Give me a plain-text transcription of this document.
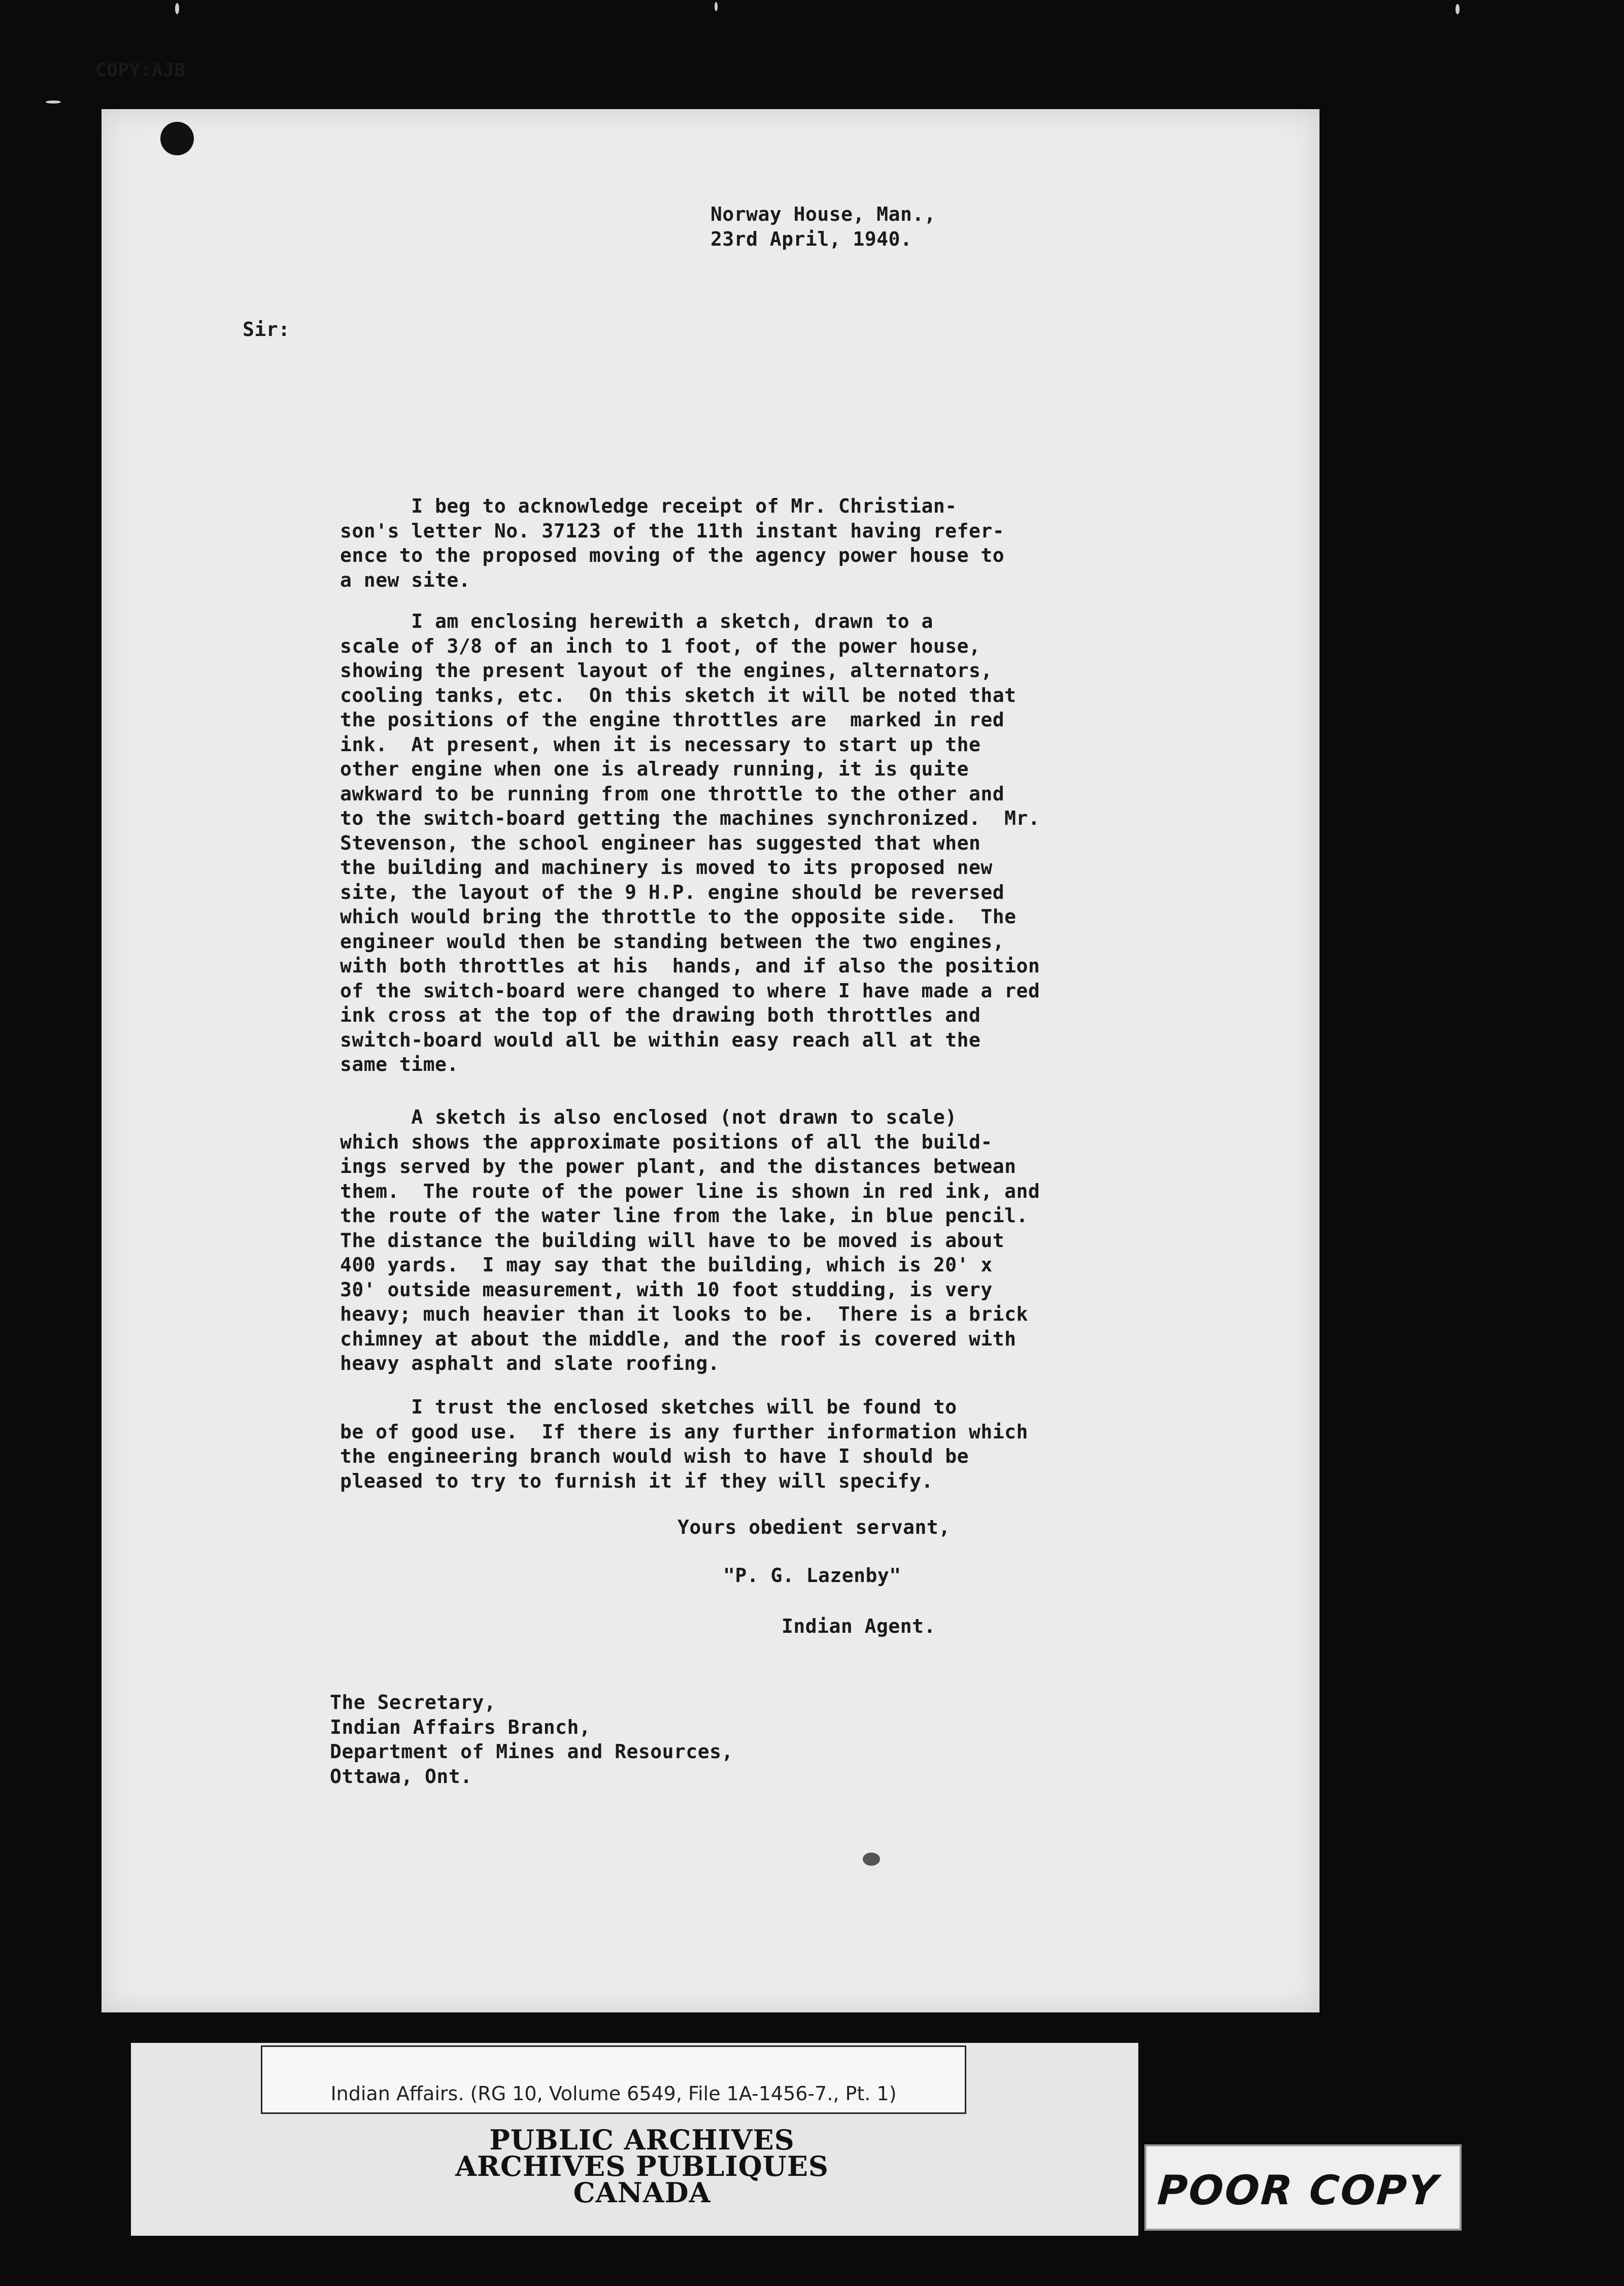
COPY:AJB
Norway House, Man.,
23rd April, 1940.
Sir:
I beg to acknowledge receipt of Mr. Christian-
son's letter No. 37123 of the 11th instant having refer-
ence to the proposed moving of the agency power house to
a new site.
I am enclosing herewith a sketch, drawn to a
scale of 3/8 of an inch to 1 foot, of the power house,
showing the present layout of the engines, alternators,
cooling tanks, etc.  On this sketch it will be noted that
the positions of the engine throttles are  marked in red
ink.  At present, when it is necessary to start up the
other engine when one is already running, it is quite
awkward to be running from one throttle to the other and
to the switch-board getting the machines synchronized.  Mr.
Stevenson, the school engineer has suggested that when
the building and machinery is moved to its proposed new
site, the layout of the 9 H.P. engine should be reversed
which would bring the throttle to the opposite side.  The
engineer would then be standing between the two engines,
with both throttles at his  hands, and if also the position
of the switch-board were changed to where I have made a red
ink cross at the top of the drawing both throttles and
switch-board would all be within easy reach all at the
same time.
A sketch is also enclosed (not drawn to scale)
which shows the approximate positions of all the build-
ings served by the power plant, and the distances betwean
them.  The route of the power line is shown in red ink, and
the route of the water line from the lake, in blue pencil.
The distance the building will have to be moved is about
400 yards.  I may say that the building, which is 20' x
30' outside measurement, with 10 foot studding, is very
heavy; much heavier than it looks to be.  There is a brick
chimney at about the middle, and the roof is covered with
heavy asphalt and slate roofing.
I trust the enclosed sketches will be found to
be of good use.  If there is any further information which
the engineering branch would wish to have I should be
pleased to try to furnish it if they will specify.
Yours obedient servant,
"P. G. Lazenby"
Indian Agent.
The Secretary,
Indian Affairs Branch,
Department of Mines and Resources,
Ottawa, Ont.
Indian Affairs. (RG 10, Volume 6549, File 1A-1456-7., Pt. 1)
PUBLIC ARCHIVES
ARCHIVES PUBLIQUES
CANADA	POOR COPY
